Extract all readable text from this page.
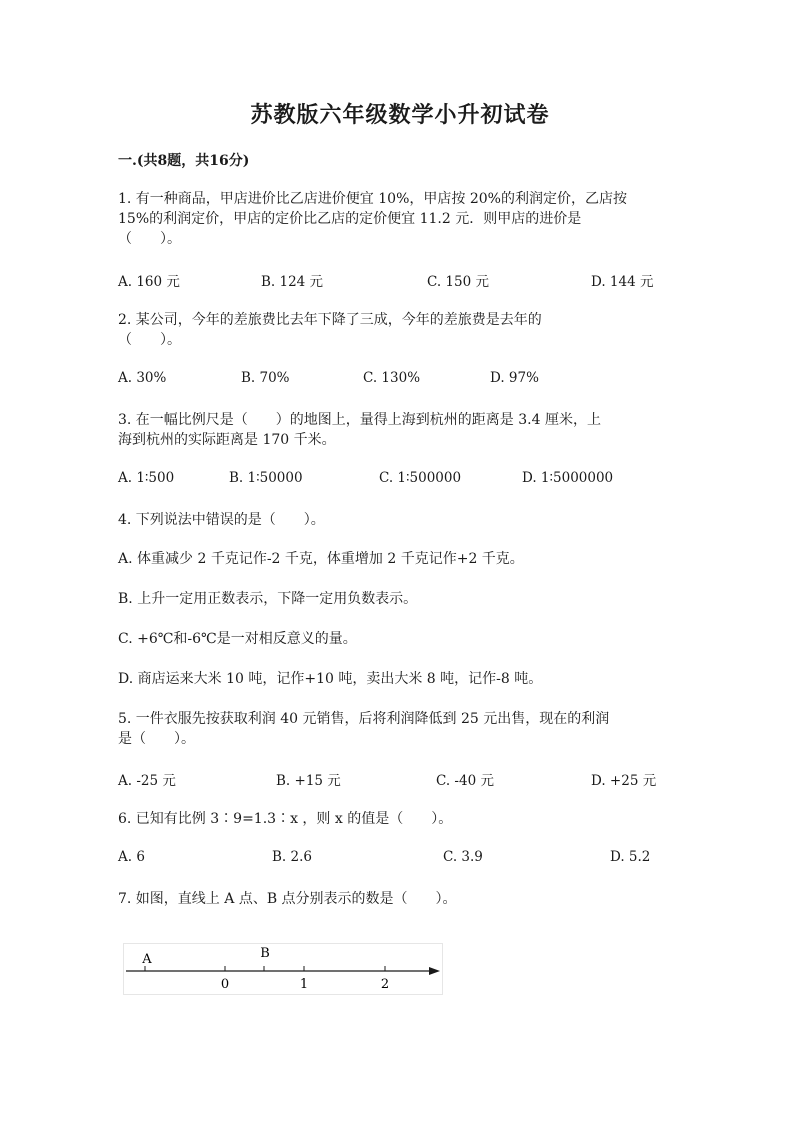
苏教版六年级数学小升初试卷
一.(共8题，共16分)
1. 有一种商品，甲店进价比乙店进价便宜 10%，甲店按 20%的利润定价，乙店按
15%的利润定价，甲店的定价比乙店的定价便宜 11.2 元．则甲店的进价是
（　　）。
A. 160 元	B. 124 元	C. 150 元	D. 144 元
2. 某公司，今年的差旅费比去年下降了三成，今年的差旅费是去年的
（　　）。
A. 30%	B. 70%	C. 130%	D. 97%
3. 在一幅比例尺是（　　）的地图上，量得上海到杭州的距离是 3.4 厘米，上
海到杭州的实际距离是 170 千米。
A. 1∶500	B. 1∶50000	C. 1∶500000	D. 1∶5000000
4. 下列说法中错误的是（　　）。
A. 体重减少 2 千克记作-2 千克，体重增加 2 千克记作+2 千克。
B. 上升一定用正数表示，下降一定用负数表示。
C. +6℃和-6℃是一对相反意义的量。
D. 商店运来大米 10 吨，记作+10 吨，卖出大米 8 吨，记作-8 吨。
5. 一件衣服先按获取利润 40 元销售，后将利润降低到 25 元出售，现在的利润
是（　　）。
A. -25 元	B. +15 元	C. -40 元	D. +25 元
6. 已知有比例 3∶9=1.3∶x ，则 x 的值是（　　）。
A. 6	B. 2.6	C. 3.9	D. 5.2
7. 如图，直线上 A 点、B 点分别表示的数是（　　）。
A	B
0	1	2
